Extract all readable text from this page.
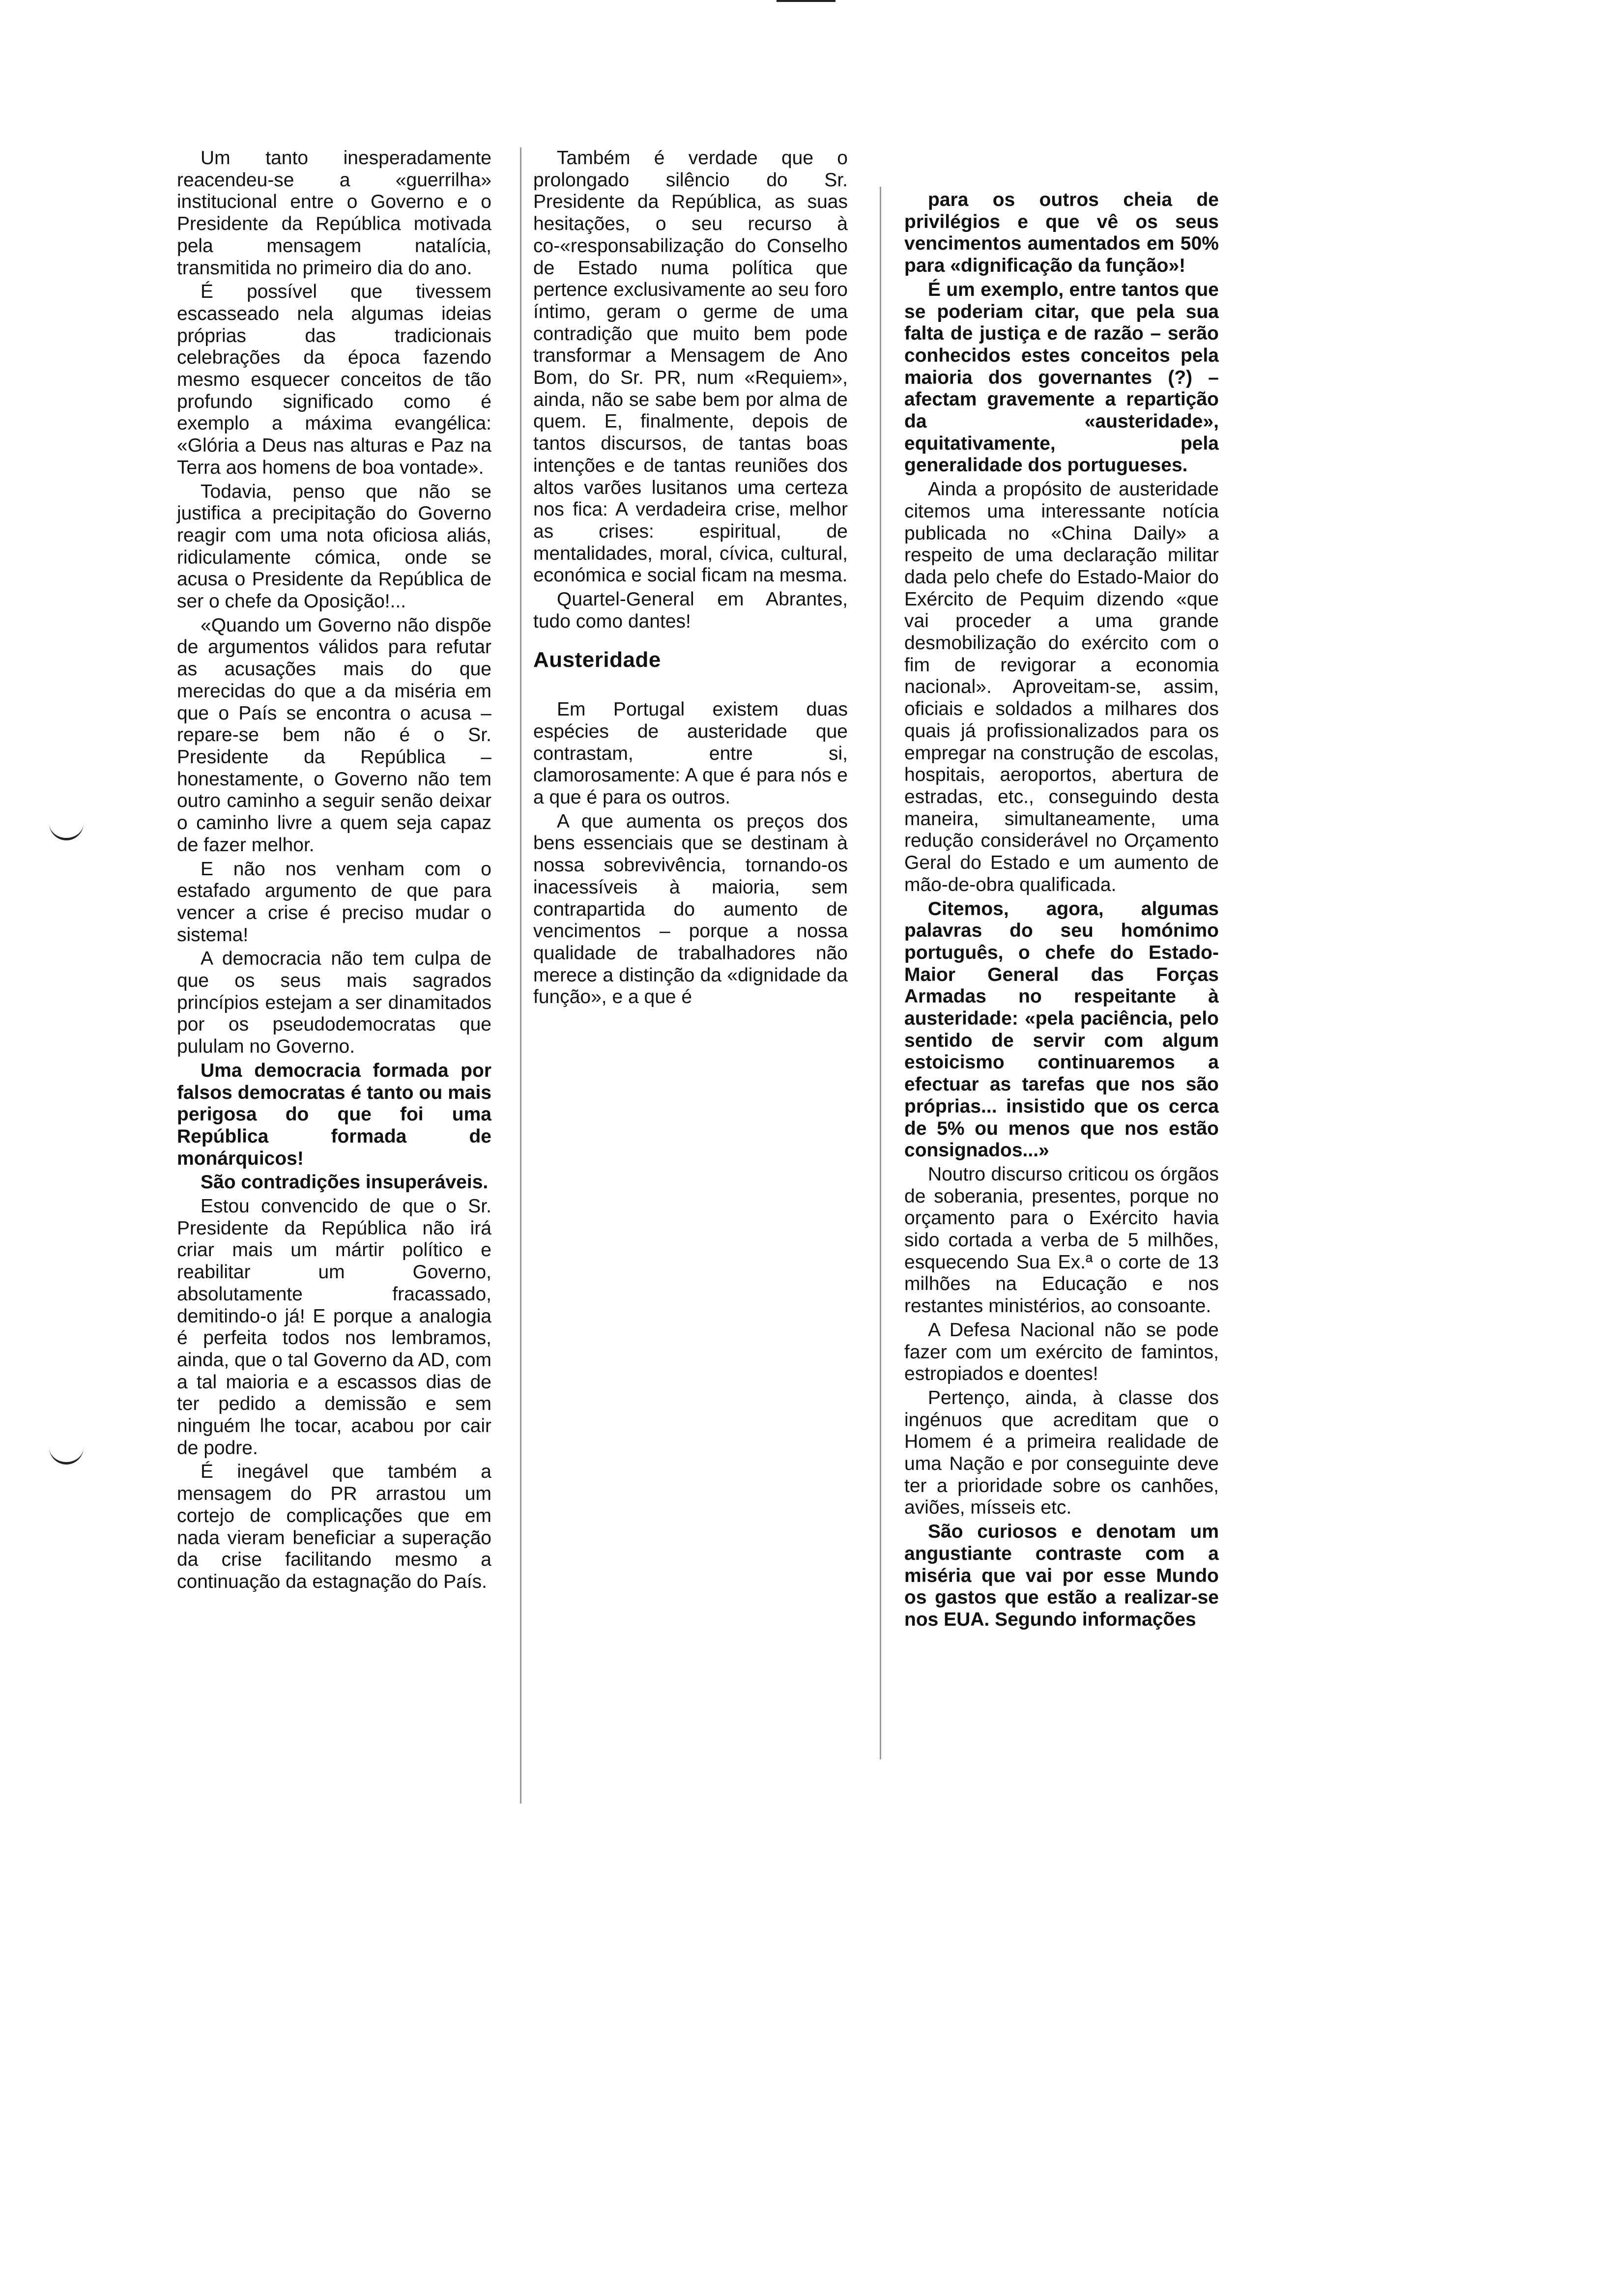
Um tanto inesperadamente reacendeu-se a «guerrilha» institucional entre o Governo e o Presidente da República motivada pela mensagem natalícia, transmitida no primeiro dia do ano.

É possível que tivessem escasseado nela algumas ideias próprias das tradicionais celebrações da época fazendo mesmo esquecer conceitos de tão profundo significado como é exemplo a máxima evangélica: «Glória a Deus nas alturas e Paz na Terra aos homens de boa vontade».

Todavia, penso que não se justifica a precipitação do Governo reagir com uma nota oficiosa aliás, ridiculamente cómica, onde se acusa o Presidente da República de ser o chefe da Oposição!...

«Quando um Governo não dispõe de argumentos válidos para refutar as acusações mais do que merecidas do que a da miséria em que o País se encontra o acusa – repare-se bem não é o Sr. Presidente da República – honestamente, o Governo não tem outro caminho a seguir senão deixar o caminho livre a quem seja capaz de fazer melhor.

E não nos venham com o estafado argumento de que para vencer a crise é preciso mudar o sistema!

A democracia não tem culpa de que os seus mais sagrados princípios estejam a ser dinamitados por os pseudodemocratas que pululam no Governo.

Uma democracia formada por falsos democratas é tanto ou mais perigosa do que foi uma República formada de monárquicos!

São contradições insuperáveis.

Estou convencido de que o Sr. Presidente da República não irá criar mais um mártir político e reabilitar um Governo, absolutamente fracassado, demitindo-o já! E porque a analogia é perfeita todos nos lembramos, ainda, que o tal Governo da AD, com a tal maioria e a escassos dias de ter pedido a demissão e sem ninguém lhe tocar, acabou por cair de podre.

É inegável que também a mensagem do PR arrastou um cortejo de complicações que em nada vieram beneficiar a superação da crise facilitando mesmo a continuação da estagnação do País.

Também é verdade que o prolongado silêncio do Sr. Presidente da República, as suas hesitações, o seu recurso à co-«responsabilização do Conselho de Estado numa política que pertence exclusivamente ao seu foro íntimo, geram o germe de uma contradição que muito bem pode transformar a Mensagem de Ano Bom, do Sr. PR, num «Requiem», ainda, não se sabe bem por alma de quem. E, finalmente, depois de tantos discursos, de tantas boas intenções e de tantas reuniões dos altos varões lusitanos uma certeza nos fica: A verdadeira crise, melhor as crises: espiritual, de mentalidades, moral, cívica, cultural, económica e social ficam na mesma.

Quartel-General em Abrantes, tudo como dantes!

Austeridade

Em Portugal existem duas espécies de austeridade que contrastam, entre si, clamorosamente: A que é para nós e a que é para os outros.

A que aumenta os preços dos bens essenciais que se destinam à nossa sobrevivência, tornando-os inacessíveis à maioria, sem contrapartida do aumento de vencimentos – porque a nossa qualidade de trabalhadores não merece a distinção da «dignidade da função», e a que é

para os outros cheia de privilégios e que vê os seus vencimentos aumentados em 50% para «dignificação da função»!

É um exemplo, entre tantos que se poderiam citar, que pela sua falta de justiça e de razão – serão conhecidos estes conceitos pela maioria dos governantes (?) – afectam gravemente a repartição da «austeridade», equitativamente, pela generalidade dos portugueses.

Ainda a propósito de austeridade citemos uma interessante notícia publicada no «China Daily» a respeito de uma declaração militar dada pelo chefe do Estado-Maior do Exército de Pequim dizendo «que vai proceder a uma grande desmobilização do exército com o fim de revigorar a economia nacional». Aproveitam-se, assim, oficiais e soldados a milhares dos quais já profissionalizados para os empregar na construção de escolas, hospitais, aeroportos, abertura de estradas, etc., conseguindo desta maneira, simultaneamente, uma redução considerável no Orçamento Geral do Estado e um aumento de mão-de-obra qualificada.

Citemos, agora, algumas palavras do seu homónimo português, o chefe do Estado-Maior General das Forças Armadas no respeitante à austeridade: «pela paciência, pelo sentido de servir com algum estoicismo continuaremos a efectuar as tarefas que nos são próprias... insistido que os cerca de 5% ou menos que nos estão consignados...»

Noutro discurso criticou os órgãos de soberania, presentes, porque no orçamento para o Exército havia sido cortada a verba de 5 milhões, esquecendo Sua Ex.ª o corte de 13 milhões na Educação e nos restantes ministérios, ao consoante.

A Defesa Nacional não se pode fazer com um exército de famintos, estropiados e doentes!

Pertenço, ainda, à classe dos ingénuos que acreditam que o Homem é a primeira realidade de uma Nação e por conseguinte deve ter a prioridade sobre os canhões, aviões, mísseis etc.

São curiosos e denotam um angustiante contraste com a miséria que vai por esse Mundo os gastos que estão a realizar-se nos EUA. Segundo informações
